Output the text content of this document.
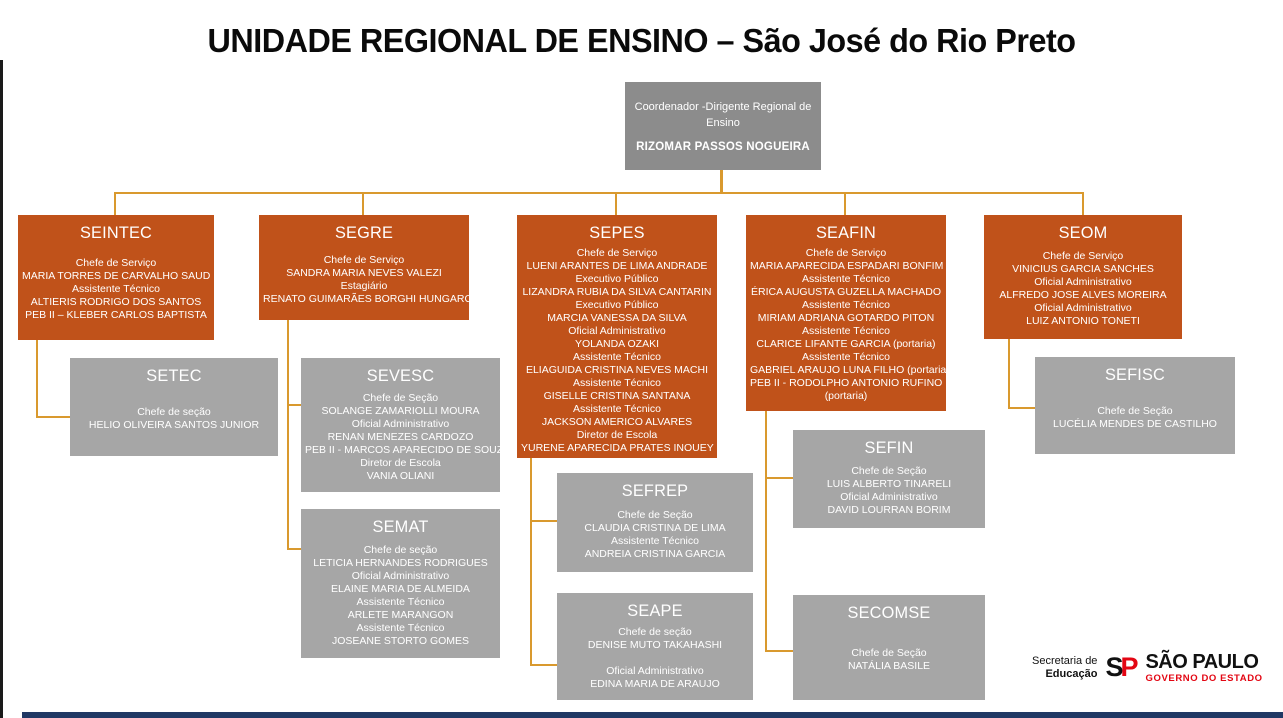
UNIDADE REGIONAL DE ENSINO – São José do Rio Preto
Coordenador -Dirigente Regional de Ensino
RIZOMAR PASSOS NOGUEIRA
SEINTEC
Chefe de Serviço
MARIA TORRES DE CARVALHO SAUD
Assistente Técnico
ALTIERIS RODRIGO DOS SANTOS
PEB II – KLEBER CARLOS BAPTISTA
SEGRE
Chefe de Serviço
SANDRA MARIA NEVES VALEZI
Estagiário
RENATO GUIMARÃES BORGHI HUNGARO
SEPES
Chefe de Serviço
LUENI ARANTES DE LIMA ANDRADE
Executivo Público
LIZANDRA RUBIA DA SILVA CANTARIN
Executivo Público
MARCIA VANESSA DA SILVA
Oficial Administrativo
YOLANDA OZAKI
Assistente Técnico
ELIAGUIDA CRISTINA NEVES MACHI
Assistente Técnico
GISELLE CRISTINA SANTANA
Assistente Técnico
JACKSON AMERICO ALVARES
Diretor de Escola
YURENE APARECIDA PRATES INOUEY
SEAFIN
Chefe de Serviço
MARIA APARECIDA ESPADARI BONFIM
Assistente Técnico
ÉRICA AUGUSTA GUZELLA MACHADO
Assistente Técnico
MIRIAM ADRIANA GOTARDO PITON
Assistente Técnico
CLARICE LIFANTE GARCIA (portaria)
Assistente Técnico
GABRIEL ARAUJO LUNA FILHO (portaria)
PEB II - RODOLPHO ANTONIO RUFINO
(portaria)
SEOM
Chefe de Serviço
VINICIUS GARCIA SANCHES
Oficial Administrativo
ALFREDO JOSE ALVES MOREIRA
Oficial Administrativo
LUIZ ANTONIO TONETI
SETEC
Chefe de seção
HELIO OLIVEIRA SANTOS JUNIOR
SEVESC
Chefe de Seção
SOLANGE ZAMARIOLLI MOURA
Oficial Administrativo
RENAN MENEZES CARDOZO
PEB II - MARCOS APARECIDO DE SOUZA
Diretor de Escola
VANIA OLIANI
SEMAT
Chefe de seção
LETICIA HERNANDES RODRIGUES
Oficial Administrativo
ELAINE MARIA DE ALMEIDA
Assistente Técnico
ARLETE MARANGON
Assistente Técnico
JOSEANE STORTO GOMES
SEFREP
Chefe de Seção
CLAUDIA CRISTINA DE LIMA
Assistente Técnico
ANDREIA CRISTINA GARCIA
SEAPE
Chefe de seção
DENISE MUTO TAKAHASHI

Oficial Administrativo
EDINA MARIA DE ARAUJO
SEFIN
Chefe de Seção
LUIS ALBERTO TINARELI
Oficial Administrativo
DAVID LOURRAN BORIM
SECOMSE
Chefe de Seção
NATÁLIA BASILE
SEFISC
Chefe de Seção
LUCÉLIA MENDES DE CASTILHO
Secretaria de
Educação S P SÃO PAULO
GOVERNO DO ESTADO
